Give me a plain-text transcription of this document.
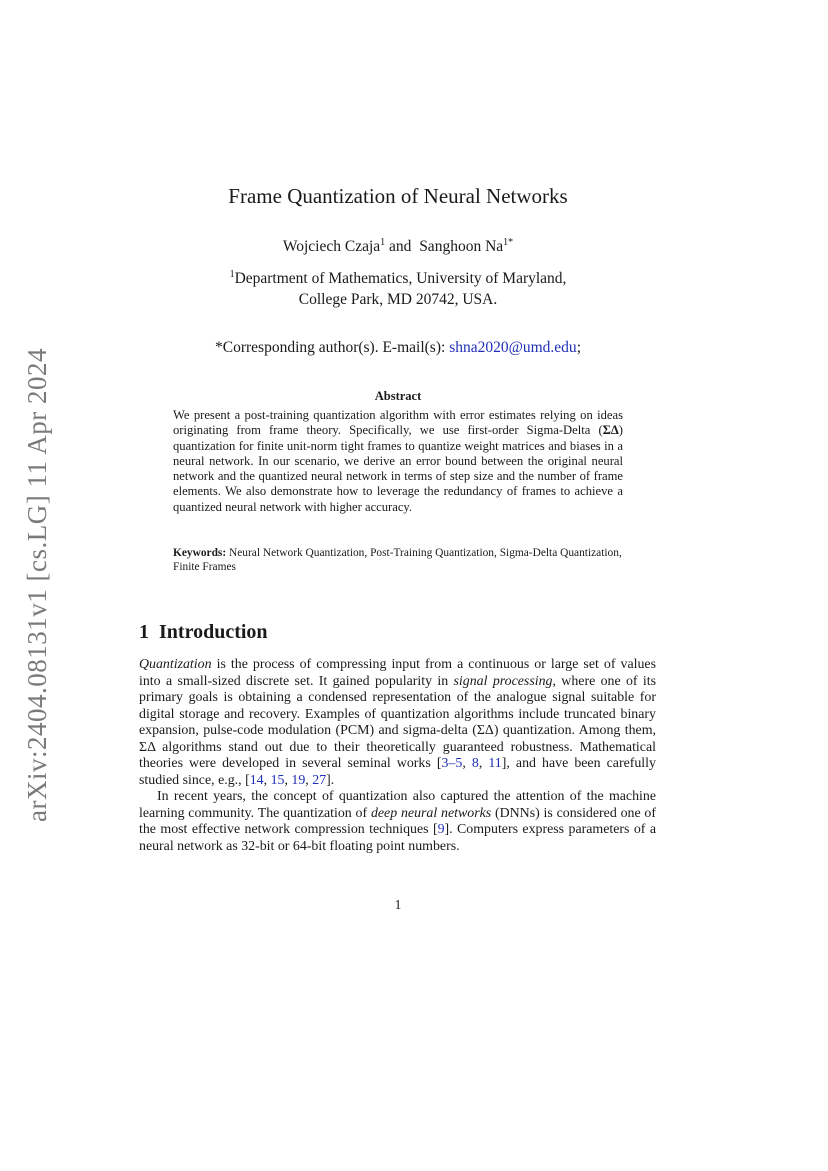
arXiv:2404.08131v1 [cs.LG] 11 Apr 2024
Frame Quantization of Neural Networks
Wojciech Czaja$^1$ and Sanghoon $Na^{1*}$
$^1$Department of Mathematics, University of Maryland,
College Park, MD 20742, USA.
*Corresponding author(s). E-mail(s): shna2020@umd.edu;
Abstract
We present a post-training quantization algorithm with error estimates relying on ideas originating from frame theory. Specifically, we use first-order Sigma-Delta (ΣΔ) quantization for finite unit-norm tight frames to quantize weight matrices and biases in a neural network. In our scenario, we derive an error bound between the original neural network and the quantized neural network in terms of step size and the number of frame elements. We also demonstrate how to leverage the redundancy of frames to achieve a quantized neural network with higher accuracy.
Keywords: Neural Network Quantization, Post-Training Quantization, Sigma-Delta Quantization, Finite Frames
1 Introduction

Quantization is the process of compressing input from a continuous or large set of values into a small-sized discrete set. It gained popularity in signal processing, where one of its primary goals is obtaining a condensed representation of the analogue signal suitable for digital storage and recovery. Examples of quantization algorithms include truncated binary expansion, pulse-code modulation (PCM) and sigma-delta (ΣΔ) quantization. Among them, ΣΔ algorithms stand out due to their theoretically guaranteed robustness. Mathematical theories were developed in several seminal works [3–5, 8, 11], and have been carefully studied since, e.g., [14, 15, 19, 27].

In recent years, the concept of quantization also captured the attention of the machine learning community. The quantization of deep neural networks (DNNs) is considered one of the most effective network compression techniques [9]. Computers express parameters of a neural network as 32-bit or 64-bit floating point numbers.

1
